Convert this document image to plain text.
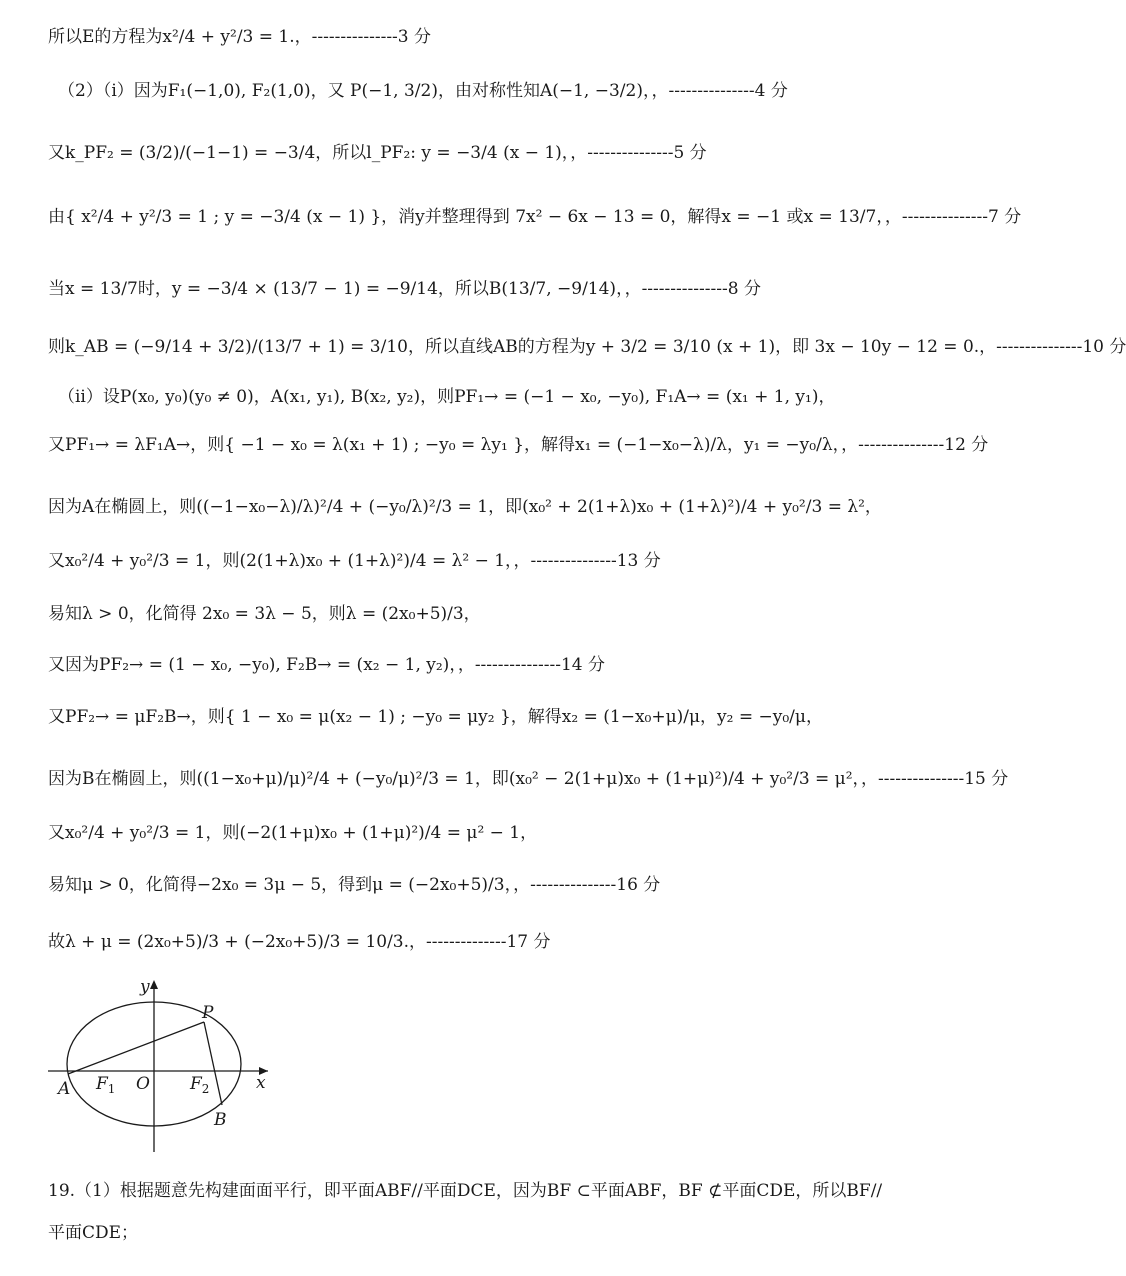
所以E的方程为x²/4 + y²/3 = 1.，---------------3 分
（2）（i）因为F₁(−1,0), F₂(1,0)，又 P(−1, 3/2)，由对称性知A(−1, −3/2)，，---------------4 分
又k_PF₂ = (3/2)/(−1−1) = −3/4，所以l_PF₂: y = −3/4 (x − 1)，，---------------5 分
由{ x²/4 + y²/3 = 1 ; y = −3/4 (x − 1) }，消y并整理得到 7x² − 6x − 13 = 0，解得x = −1 或x = 13/7，，---------------7 分
当x = 13/7时，y = −3/4 × (13/7 − 1) = −9/14，所以B(13/7, −9/14)，，---------------8 分
则k_AB = (−9/14 + 3/2)/(13/7 + 1) = 3/10，所以直线AB的方程为y + 3/2 = 3/10 (x + 1)，即 3x − 10y − 12 = 0.，---------------10 分
（ii）设P(x₀, y₀)(y₀ ≠ 0)，A(x₁, y₁), B(x₂, y₂)，则PF₁→ = (−1 − x₀, −y₀), F₁A→ = (x₁ + 1, y₁)，
又PF₁→ = λF₁A→，则{ −1 − x₀ = λ(x₁ + 1) ; −y₀ = λy₁ }，解得x₁ = (−1−x₀−λ)/λ，y₁ = −y₀/λ，，---------------12 分
因为A在椭圆上，则((−1−x₀−λ)/λ)²/4 + (−y₀/λ)²/3 = 1，即(x₀² + 2(1+λ)x₀ + (1+λ)²)/4 + y₀²/3 = λ²，
又x₀²/4 + y₀²/3 = 1，则(2(1+λ)x₀ + (1+λ)²)/4 = λ² − 1，，---------------13 分
易知λ > 0，化简得 2x₀ = 3λ − 5，则λ = (2x₀+5)/3，
又因为PF₂→ = (1 − x₀, −y₀), F₂B→ = (x₂ − 1, y₂)，，---------------14 分
又PF₂→ = μF₂B→，则{ 1 − x₀ = μ(x₂ − 1) ; −y₀ = μy₂ }，解得x₂ = (1−x₀+μ)/μ，y₂ = −y₀/μ，
因为B在椭圆上，则((1−x₀+μ)/μ)²/4 + (−y₀/μ)²/3 = 1，即(x₀² − 2(1+μ)x₀ + (1+μ)²)/4 + y₀²/3 = μ²，，---------------15 分
又x₀²/4 + y₀²/3 = 1，则(−2(1+μ)x₀ + (1+μ)²)/4 = μ² − 1，
易知μ > 0，化简得−2x₀ = 3μ − 5，得到μ = (−2x₀+5)/3，，---------------16 分
故λ + μ = (2x₀+5)/3 + (−2x₀+5)/3 = 10/3.，--------------17 分
y
x
P
A
B
$F_1$ O $F_2$
19.（1）根据题意先构建面面平行，即平面ABF//平面DCE，因为BF ⊂平面ABF，BF ⊄平面CDE，所以BF//
平面CDE；
